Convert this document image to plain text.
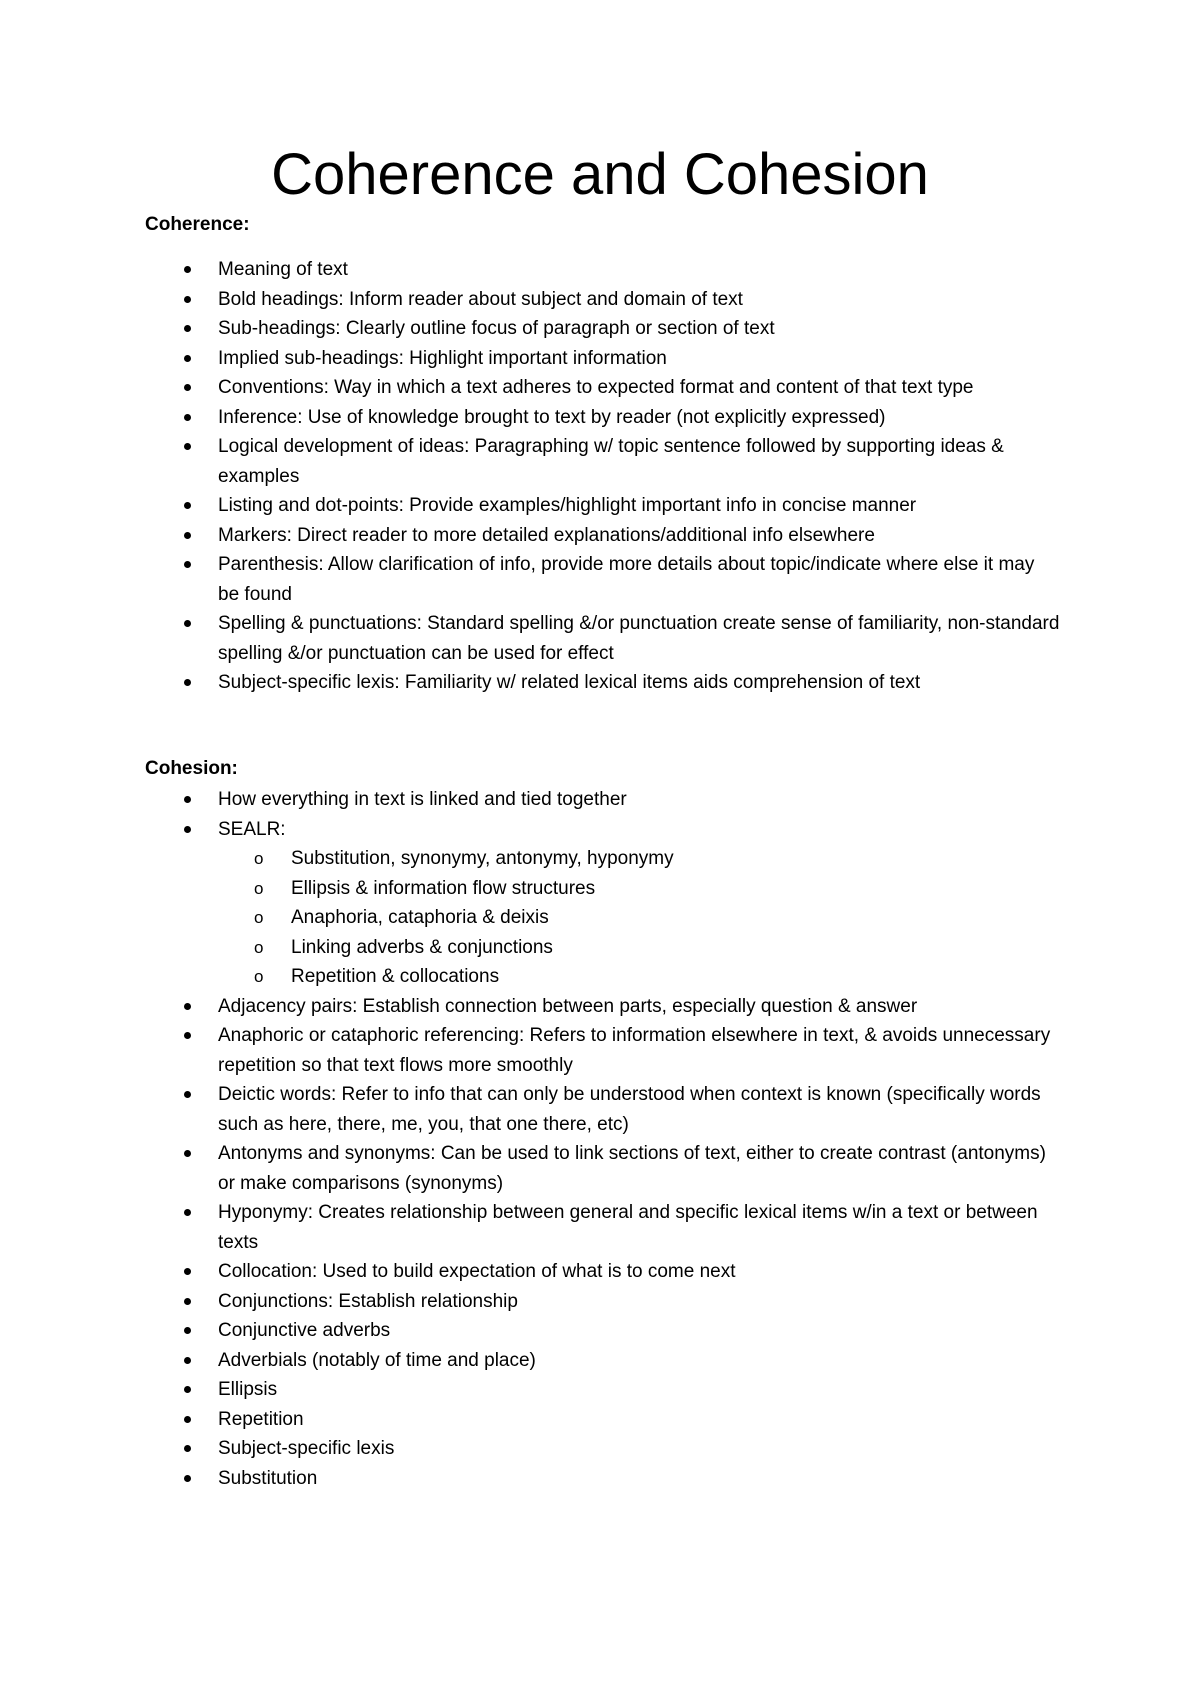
Coherence and Cohesion
Coherence:
Meaning of text
Bold headings: Inform reader about subject and domain of text
Sub-headings: Clearly outline focus of paragraph or section of text
Implied sub-headings: Highlight important information
Conventions: Way in which a text adheres to expected format and content of that text type
Inference: Use of knowledge brought to text by reader (not explicitly expressed)
Logical development of ideas: Paragraphing w/ topic sentence followed by supporting ideas & examples
Listing and dot-points: Provide examples/highlight important info in concise manner
Markers: Direct reader to more detailed explanations/additional info elsewhere
Parenthesis: Allow clarification of info, provide more details about topic/indicate where else it may be found
Spelling & punctuations: Standard spelling &/or punctuation create sense of familiarity, non-standard spelling &/or punctuation can be used for effect
Subject-specific lexis: Familiarity w/ related lexical items aids comprehension of text
Cohesion:
How everything in text is linked and tied together
SEALR:
o Substitution, synonymy, antonymy, hyponymy
o Ellipsis & information flow structures
o Anaphoria, cataphoria & deixis
o Linking adverbs & conjunctions
o Repetition & collocations
Adjacency pairs: Establish connection between parts, especially question & answer
Anaphoric or cataphoric referencing: Refers to information elsewhere in text, & avoids unnecessary repetition so that text flows more smoothly
Deictic words: Refer to info that can only be understood when context is known (specifically words such as here, there, me, you, that one there, etc)
Antonyms and synonyms: Can be used to link sections of text, either to create contrast (antonyms) or make comparisons (synonyms)
Hyponymy: Creates relationship between general and specific lexical items w/in a text or between texts
Collocation: Used to build expectation of what is to come next
Conjunctions: Establish relationship
Conjunctive adverbs
Adverbials (notably of time and place)
Ellipsis
Repetition
Subject-specific lexis
Substitution
